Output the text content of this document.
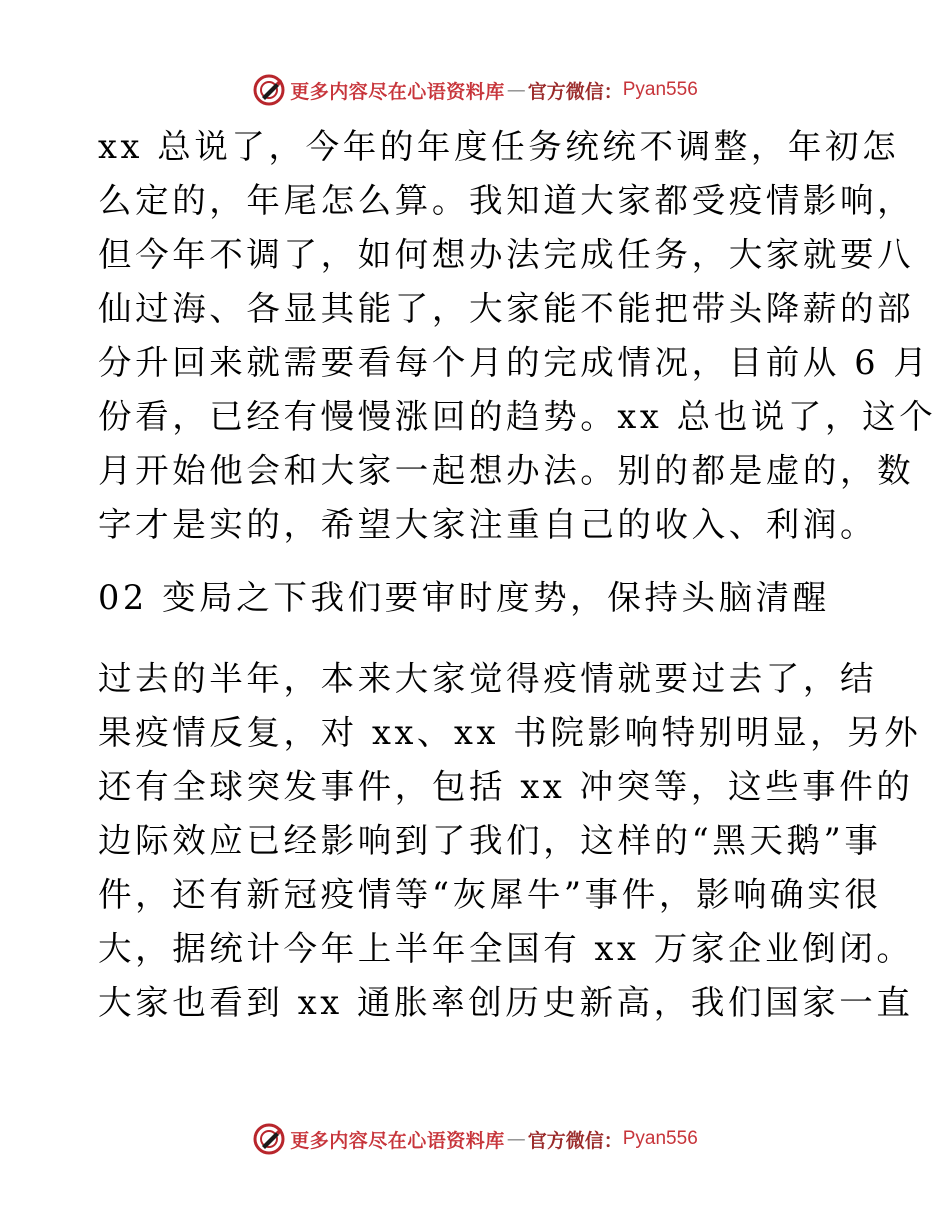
更多内容尽在心语资料库 — 官方微信： Pyan556
xx 总说了，今年的年度任务统统不调整，年初怎
么定的，年尾怎么算。我知道大家都受疫情影响，
但今年不调了，如何想办法完成任务，大家就要八
仙过海、各显其能了，大家能不能把带头降薪的部
分升回来就需要看每个月的完成情况，目前从 6 月
份看，已经有慢慢涨回的趋势。xx 总也说了，这个
月开始他会和大家一起想办法。别的都是虚的，数
字才是实的，希望大家注重自己的收入、利润。
02 变局之下我们要审时度势，保持头脑清醒
过去的半年，本来大家觉得疫情就要过去了，结
果疫情反复，对 xx、xx 书院影响特别明显，另外
还有全球突发事件，包括 xx 冲突等，这些事件的
边际效应已经影响到了我们，这样的“黑天鹅”事
件，还有新冠疫情等“灰犀牛”事件，影响确实很
大，据统计今年上半年全国有 xx 万家企业倒闭。
大家也看到 xx 通胀率创历史新高，我们国家一直
更多内容尽在心语资料库 — 官方微信： Pyan556
